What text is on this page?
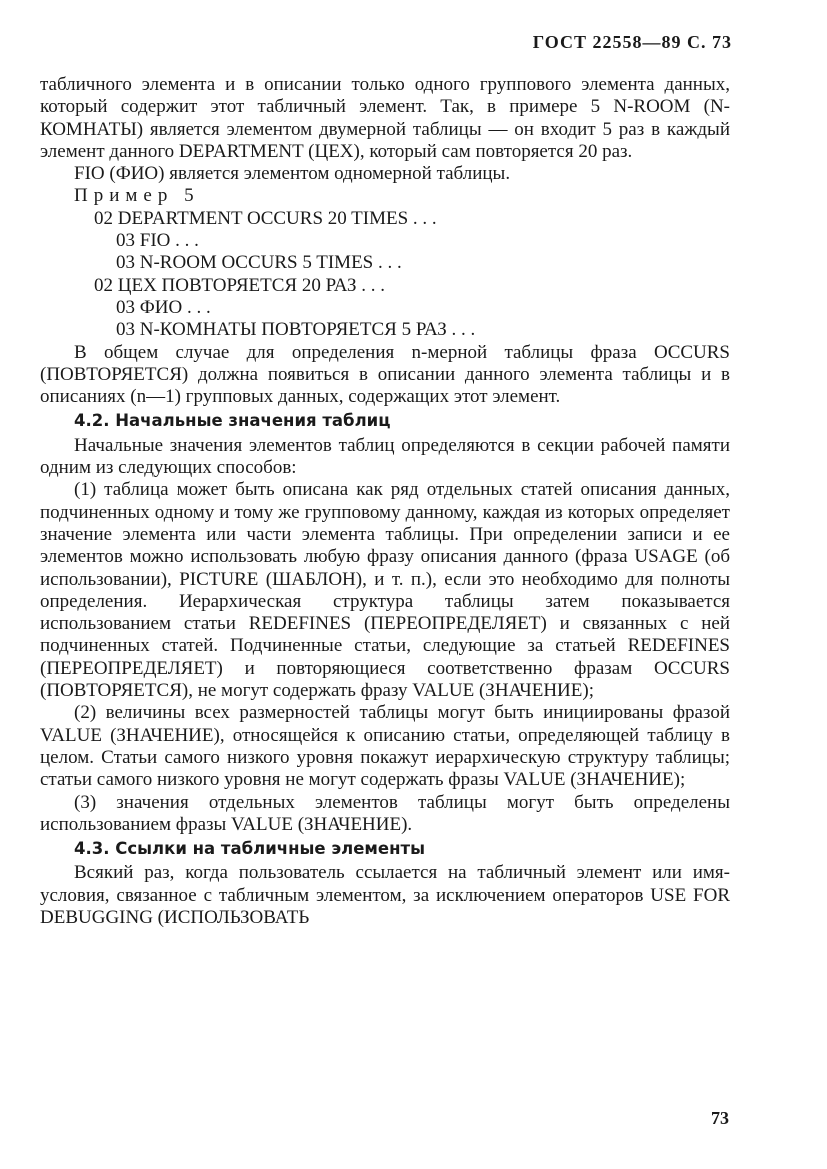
ГОСТ 22558—89 С. 73

табличного элемента и в описании только одного группового элемента данных, который содержит этот табличный элемент. Так, в примере 5 N-ROOM (N-КОМНАТЫ) является элементом двумерной таблицы — он входит 5 раз в каждый элемент данного DEPARTMENT (ЦЕХ), который сам повторяется 20 раз.

FIO (ФИО) является элементом одномерной таблицы.

Пример 5
02 DEPARTMENT OCCURS 20 TIMES . . .
03 FIO . . .
03 N-ROOM OCCURS 5 TIMES . . .
02 ЦЕХ ПОВТОРЯЕТСЯ 20 РАЗ . . .
03 ФИО . . .
03 N-КОМНАТЫ ПОВТОРЯЕТСЯ 5 РАЗ . . .

В общем случае для определения n-мерной таблицы фраза OCCURS (ПОВТОРЯЕТСЯ) должна появиться в описании данного элемента таблицы и в описаниях (n—1) групповых данных, содержащих этот элемент.

4.2. Начальные значения таблиц

Начальные значения элементов таблиц определяются в секции рабочей памяти одним из следующих способов:

(1) таблица может быть описана как ряд отдельных статей описания данных, подчиненных одному и тому же групповому данному, каждая из которых определяет значение элемента или части элемента таблицы. При определении записи и ее элементов можно использовать любую фразу описания данного (фраза USAGE (об использовании), PICTURE (ШАБЛОН), и т. п.), если это необходимо для полноты определения. Иерархическая структура таблицы затем показывается использованием статьи REDEFINES (ПЕРЕОПРЕДЕЛЯЕТ) и связанных с ней подчиненных статей. Подчиненные статьи, следующие за статьей REDEFINES (ПЕРЕОПРЕДЕЛЯЕТ) и повторяющиеся соответственно фразам OCCURS (ПОВТОРЯЕТСЯ), не могут содержать фразу VALUE (ЗНАЧЕНИЕ);

(2) величины всех размерностей таблицы могут быть инициированы фразой VALUE (ЗНАЧЕНИЕ), относящейся к описанию статьи, определяющей таблицу в целом. Статьи самого низкого уровня покажут иерархическую структуру таблицы; статьи самого низкого уровня не могут содержать фразы VALUE (ЗНАЧЕНИЕ);

(3) значения отдельных элементов таблицы могут быть определены использованием фразы VALUE (ЗНАЧЕНИЕ).

4.3. Ссылки на табличные элементы

Всякий раз, когда пользователь ссылается на табличный элемент или имя-условия, связанное с табличным элементом, за исключением операторов USE FOR DEBUGGING (ИСПОЛЬЗОВАТЬ

73
